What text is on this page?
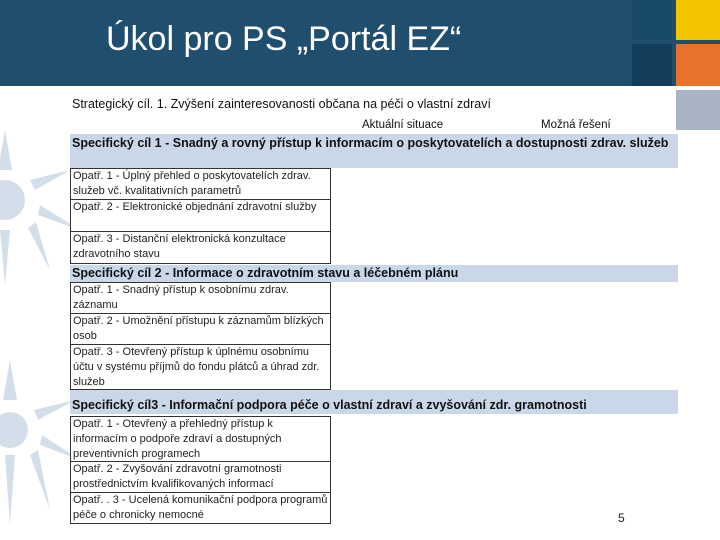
Úkol pro PS „Portál EZ“
Strategický cíl. 1. Zvýšení zainteresovanosti občana na péči o vlastní zdraví
Aktuální situace	Možná řešení
Specifický cíl 1 - Snadný a rovný přístup k informacím o poskytovatelích a dostupnosti zdrav. služeb
Opatř. 1 - Úplný přehled o poskytovatelích zdrav. služeb vč. kvalitativních parametrů
Opatř. 2 - Elektronické objednání zdravotní služby
Opatř. 3 - Distanční elektronická konzultace zdravotního stavu
Specifický cíl 2 - Informace o zdravotním stavu a léčebném plánu
Opatř. 1 - Snadný přístup k osobnímu zdrav. záznamu
Opatř. 2 - Umožnění přístupu k záznamům blízkých osob
Opatř. 3 - Otevřený přístup k úplnému osobnímu účtu v systému příjmů do fondu plátců a úhrad zdr. služeb
Specifický cíl3 - Informační podpora péče o vlastní zdraví a zvyšování zdr. gramotnosti
Opatř. 1 - Otevřený a přehledný přístup k informacím o podpoře zdraví a dostupných preventivních programech
Opatř. 2 - Zvyšování zdravotní gramotnosti prostřednictvím kvalifikovaných informací
Opatř. . 3 - Ucelená komunikační podpora programů péče o chronicky nemocné	5
